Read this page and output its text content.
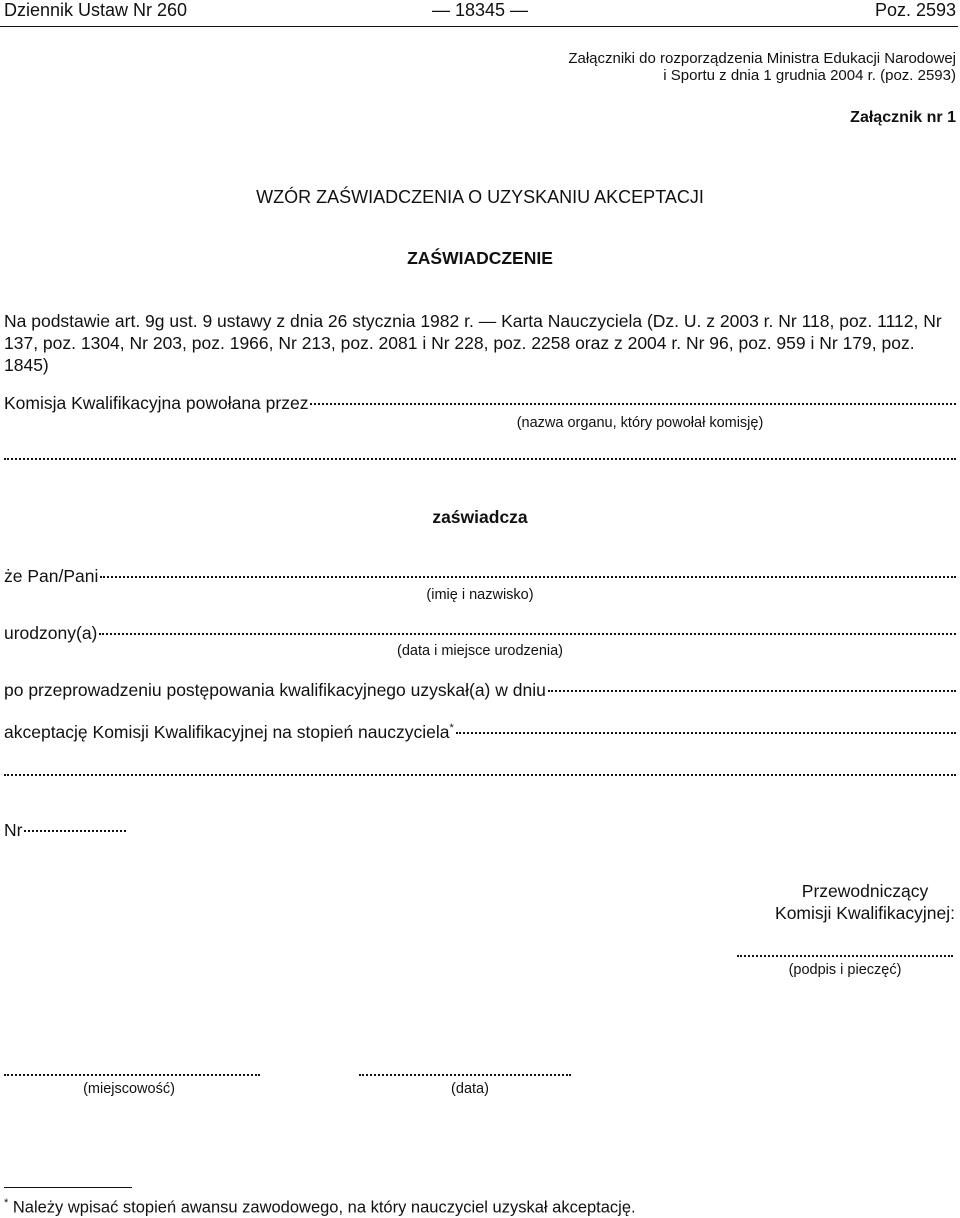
Dziennik Ustaw Nr 260	— 18345 —	Poz. 2593
Załączniki do rozporządzenia Ministra Edukacji Narodowej
i Sportu z dnia 1 grudnia 2004 r. (poz. 2593)
Załącznik nr 1
WZÓR ZAŚWIADCZENIA O UZYSKANIU AKCEPTACJI
ZAŚWIADCZENIE
Na podstawie art. 9g ust. 9 ustawy z dnia 26 stycznia 1982 r. — Karta Nauczyciela (Dz. U. z 2003 r. Nr 118, poz. 1112, Nr 137, poz. 1304, Nr 203, poz. 1966, Nr 213, poz. 2081 i Nr 228, poz. 2258 oraz z 2004 r. Nr 96, poz. 959 i Nr 179, poz. 1845)
Komisja Kwalifikacyjna powołana przez
(nazwa organu, który powołał komisję)
zaświadcza
że Pan/Pani
(imię i nazwisko)
urodzony(a)
(data i miejsce urodzenia)
po przeprowadzeniu postępowania kwalifikacyjnego uzyskał(a) w dniu
akceptację Komisji Kwalifikacyjnej na stopień nauczyciela*
Nr
Przewodniczący
Komisji Kwalifikacyjnej:
(podpis i pieczęć)
(miejscowość)	(data)
* Należy wpisać stopień awansu zawodowego, na który nauczyciel uzyskał akceptację.
